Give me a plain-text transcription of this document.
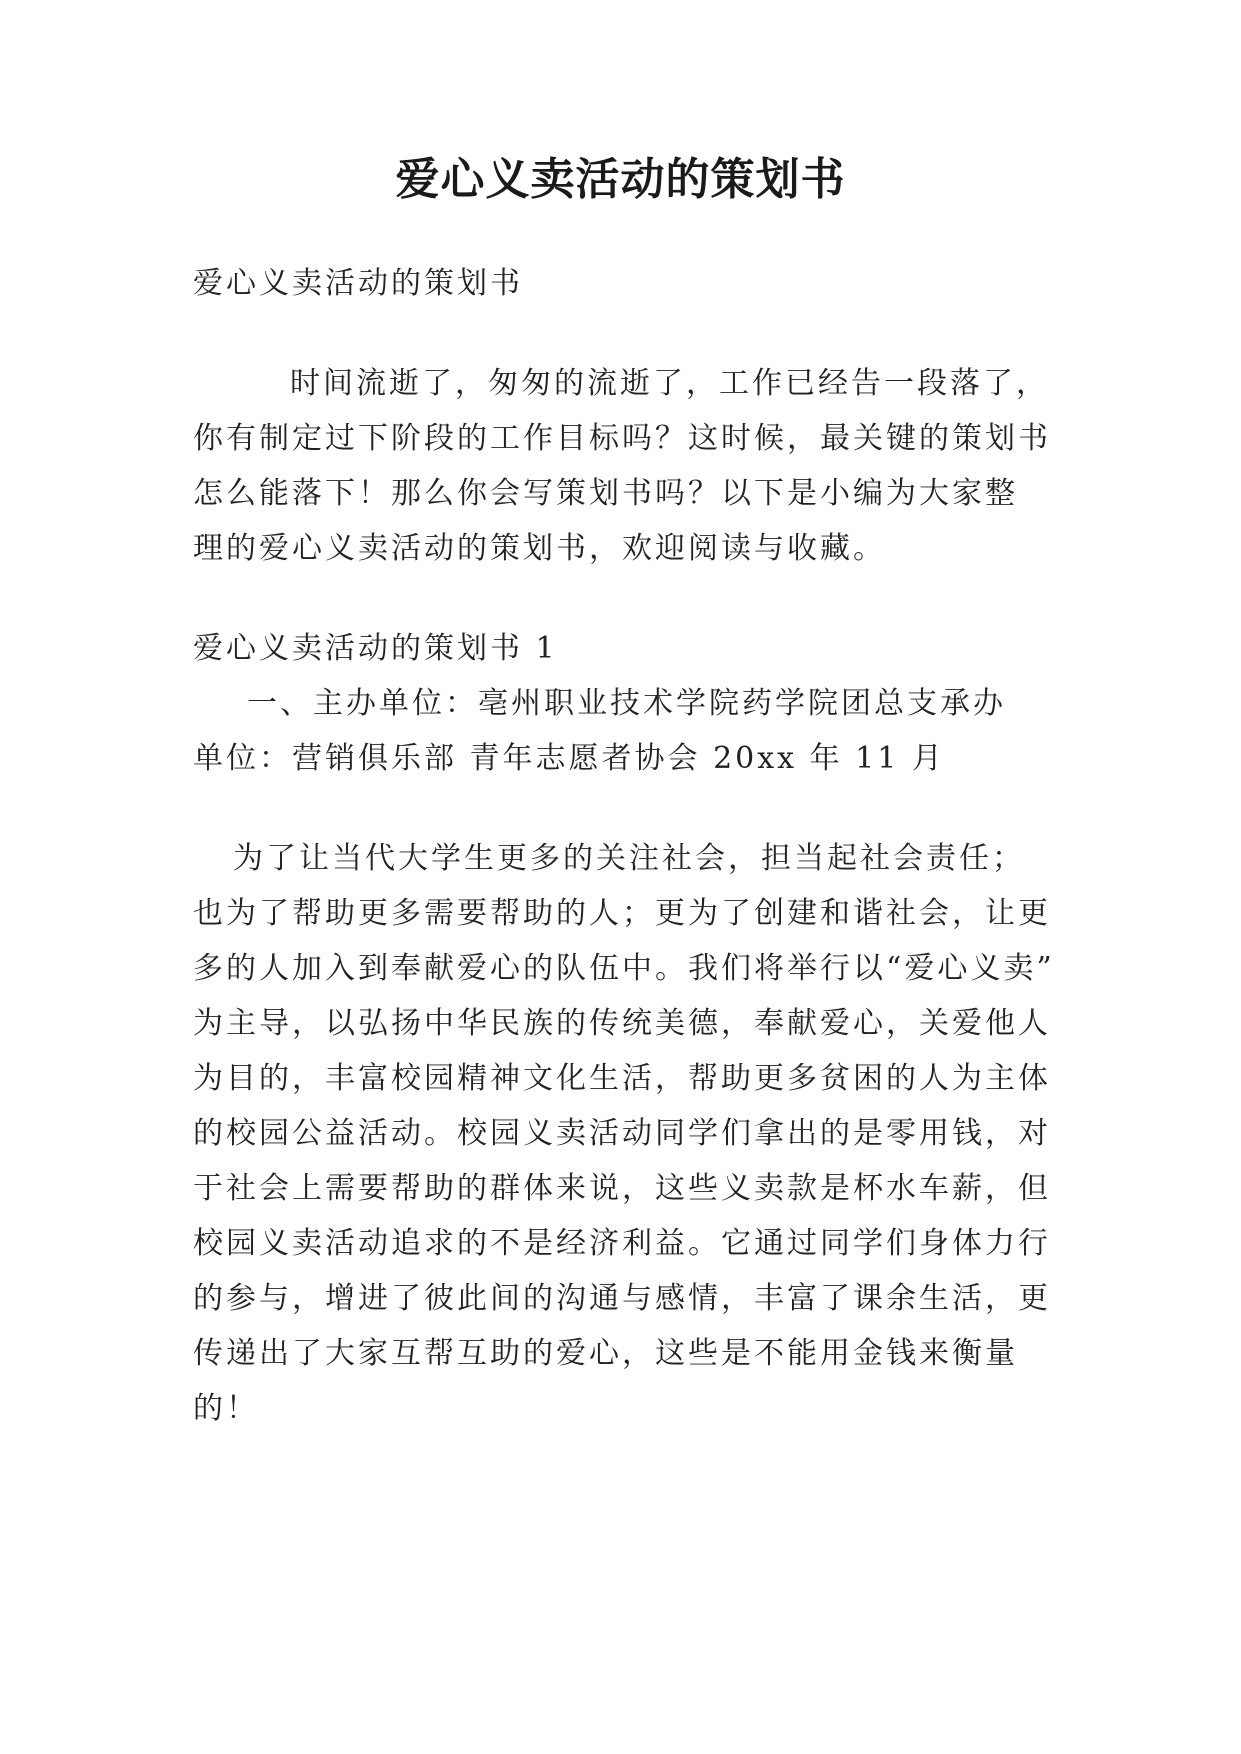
爱心义卖活动的策划书
爱心义卖活动的策划书
时间流逝了，匆匆的流逝了，工作已经告一段落了，
你有制定过下阶段的工作目标吗？这时候，最关键的策划书
怎么能落下！那么你会写策划书吗？以下是小编为大家整
理的爱心义卖活动的策划书，欢迎阅读与收藏。
爱心义卖活动的策划书 1
一、主办单位：亳州职业技术学院药学院团总支承办
单位：营销俱乐部 青年志愿者协会 20xx 年 11 月
为了让当代大学生更多的关注社会，担当起社会责任；
也为了帮助更多需要帮助的人；更为了创建和谐社会，让更
多的人加入到奉献爱心的队伍中。我们将举行以“爱心义卖”
为主导，以弘扬中华民族的传统美德，奉献爱心，关爱他人
为目的，丰富校园精神文化生活，帮助更多贫困的人为主体
的校园公益活动。校园义卖活动同学们拿出的是零用钱，对
于社会上需要帮助的群体来说，这些义卖款是杯水车薪，但
校园义卖活动追求的不是经济利益。它通过同学们身体力行
的参与，增进了彼此间的沟通与感情，丰富了课余生活，更
传递出了大家互帮互助的爱心，这些是不能用金钱来衡量
的！
